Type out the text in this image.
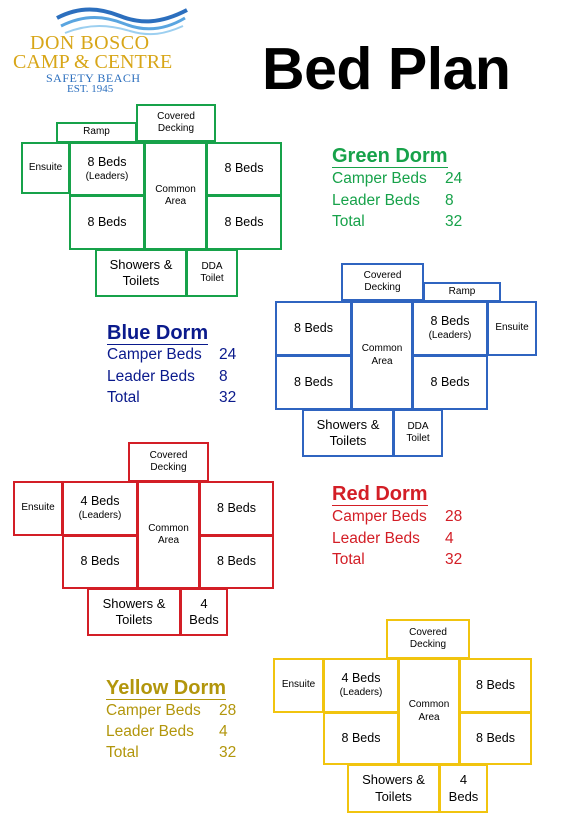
DON BOSCO
CAMP & CENTRE
SAFETY BEACH
EST. 1945	Bed Plan
Covered
Decking
Ramp
Ensuite 8 Beds
(Leaders)
Common
Area
8 Beds
8 Beds	8 Beds
Showers &
Toilets
DDA
Toilet
Green Dorm
Camper Beds 24
Leader Beds 8
Total	32
Covered
Decking	Ramp
8 Beds
Common
Area
8 Beds
(Leaders)
Ensuite
8 Beds	8 Beds
Showers &
Toilets
DDA
Toilet
Blue Dorm
Camper Beds 24
Leader Beds 8
Total	32
Covered
Decking
Ensuite 4 Beds
(Leaders)
Common
Area
8 Beds
8 Beds	8 Beds
Showers &
Toilets
4
Beds
Red Dorm
Camper Beds 28
Leader Beds 4
Total	32
Covered
Decking
Ensuite 4 Beds
(Leaders)
Common
Area
8 Beds
8 Beds	8 Beds
Showers &
Toilets
4
Beds
Yellow Dorm
Camper Beds 28
Leader Beds 4
Total	32
